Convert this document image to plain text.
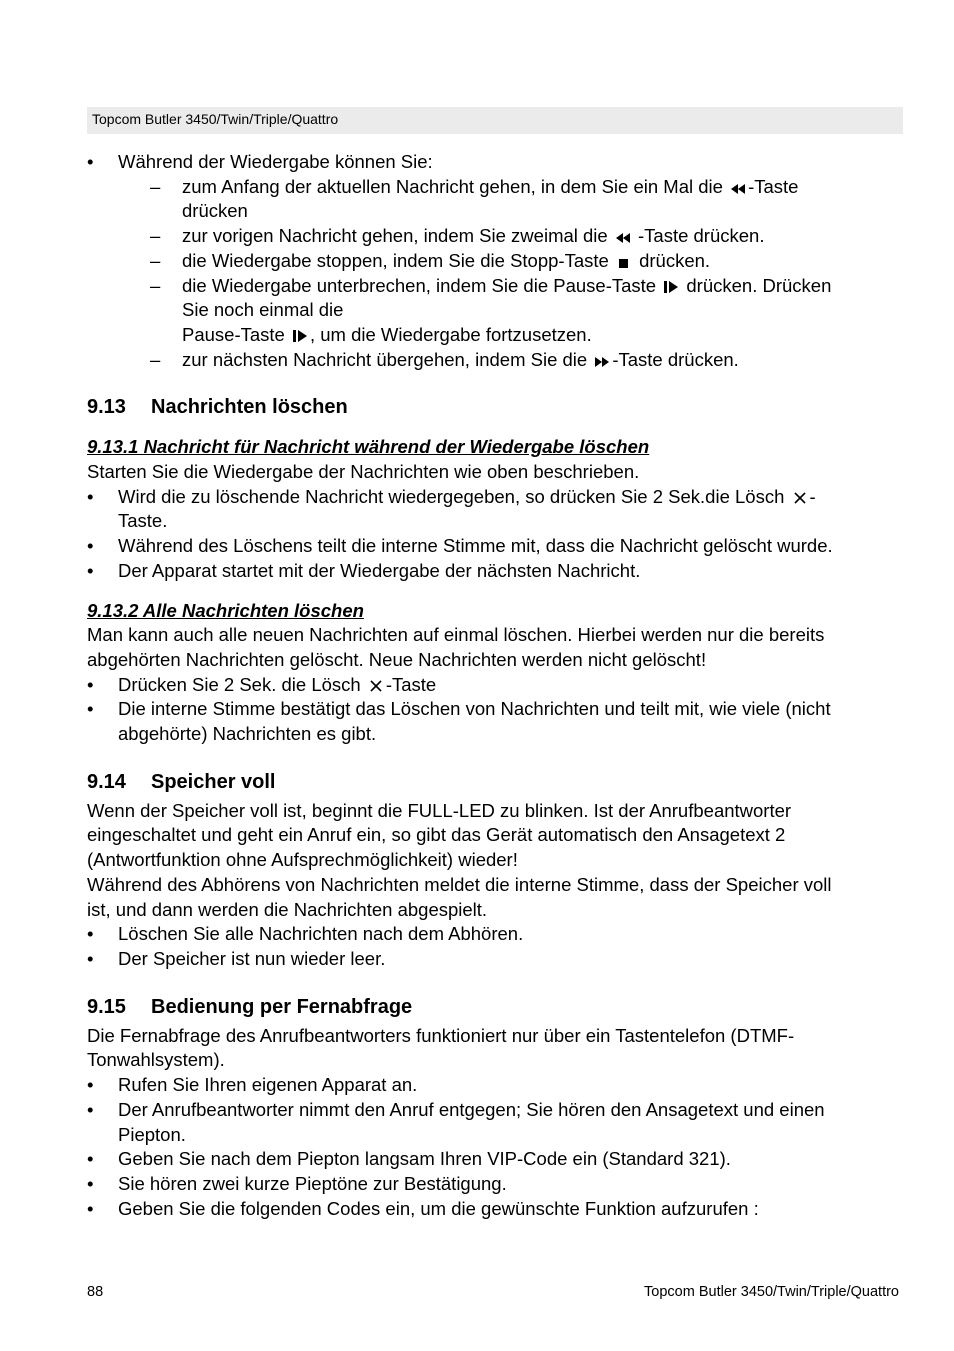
Topcom Butler 3450/Twin/Triple/Quattro
• Während der Wiedergabe können Sie:
– zum Anfang der aktuellen Nachricht gehen, in dem Sie ein Mal die -Taste
drücken
– zur vorigen Nachricht gehen, indem Sie zweimal die -Taste drücken.
– die Wiedergabe stoppen, indem Sie die Stopp-Taste drücken.
– die Wiedergabe unterbrechen, indem Sie die Pause-Taste drücken. Drücken
Sie noch einmal die
Pause-Taste , um die Wiedergabe fortzusetzen.
– zur nächsten Nachricht übergehen, indem Sie die -Taste drücken.
9.13 Nachrichten löschen
9.13.1 Nachricht für Nachricht während der Wiedergabe löschen
Starten Sie die Wiedergabe der Nachrichten wie oben beschrieben.
• Wird die zu löschende Nachricht wiedergegeben, so drücken Sie 2 Sek.die Lösch -
Taste.
• Während des Löschens teilt die interne Stimme mit, dass die Nachricht gelöscht wurde.
• Der Apparat startet mit der Wiedergabe der nächsten Nachricht.
9.13.2 Alle Nachrichten löschen
Man kann auch alle neuen Nachrichten auf einmal löschen. Hierbei werden nur die bereits
abgehörten Nachrichten gelöscht. Neue Nachrichten werden nicht gelöscht!
• Drücken Sie 2 Sek. die Lösch -Taste
• Die interne Stimme bestätigt das Löschen von Nachrichten und teilt mit, wie viele (nicht
abgehörte) Nachrichten es gibt.
9.14 Speicher voll
Wenn der Speicher voll ist, beginnt die FULL-LED zu blinken. Ist der Anrufbeantworter
eingeschaltet und geht ein Anruf ein, so gibt das Gerät automatisch den Ansagetext 2
(Antwortfunktion ohne Aufsprechmöglichkeit) wieder!
Während des Abhörens von Nachrichten meldet die interne Stimme, dass der Speicher voll
ist, und dann werden die Nachrichten abgespielt.
• Löschen Sie alle Nachrichten nach dem Abhören.
• Der Speicher ist nun wieder leer.
9.15 Bedienung per Fernabfrage
Die Fernabfrage des Anrufbeantworters funktioniert nur über ein Tastentelefon (DTMF-
Tonwahlsystem).
• Rufen Sie Ihren eigenen Apparat an.
• Der Anrufbeantworter nimmt den Anruf entgegen; Sie hören den Ansagetext und einen
Piepton.
• Geben Sie nach dem Piepton langsam Ihren VIP-Code ein (Standard 321).
• Sie hören zwei kurze Pieptöne zur Bestätigung.
• Geben Sie die folgenden Codes ein, um die gewünschte Funktion aufzurufen :
88	Topcom Butler 3450/Twin/Triple/Quattro
